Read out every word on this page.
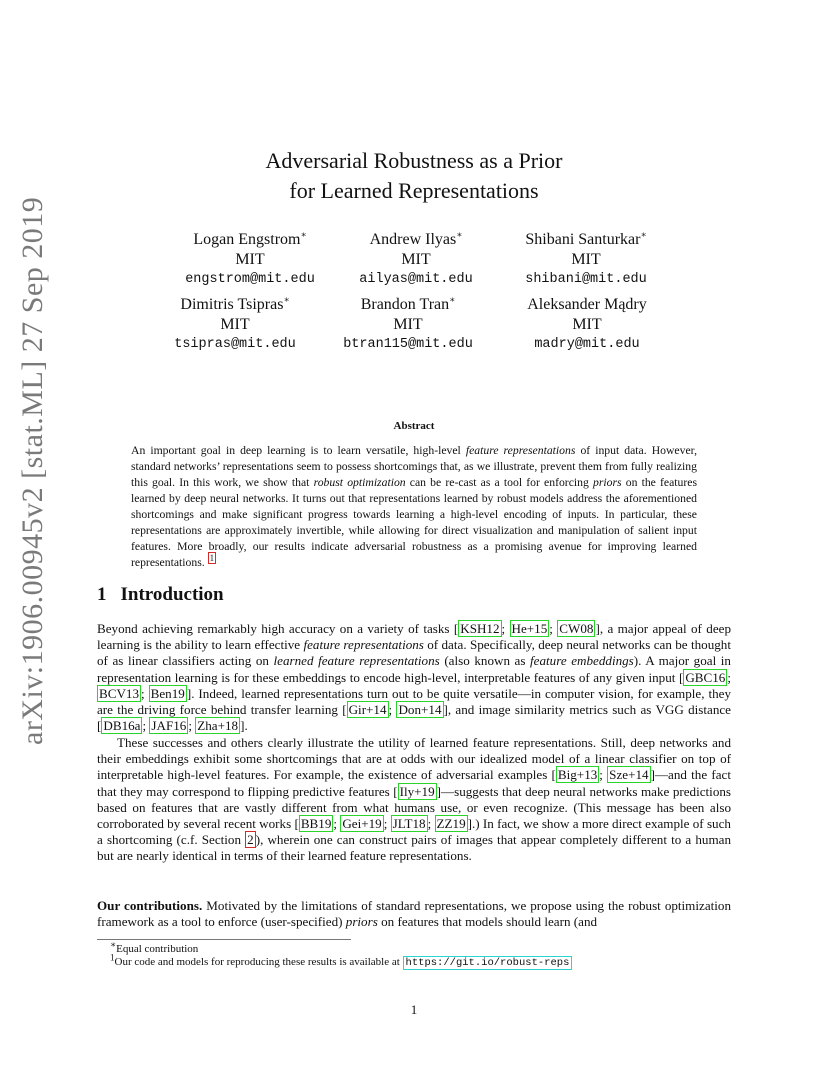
arXiv:1906.00945v2 [stat.ML] 27 Sep 2019
Adversarial Robustness as a Prior
for Learned Representations
Logan Engstrom∗
MIT
engstrom@mit.edu
Andrew Ilyas∗
MIT
ailyas@mit.edu
Shibani Santurkar∗
MIT
shibani@mit.edu
Dimitris Tsipras∗
MIT
tsipras@mit.edu
Brandon Tran∗
MIT
btran115@mit.edu
Aleksander Mądry
MIT
madry@mit.edu
Abstract
An important goal in deep learning is to learn versatile, high-level feature representations of input data. However, standard networks’ representations seem to possess shortcomings that, as we illustrate, prevent them from fully realizing this goal. In this work, we show that robust optimization can be re-cast as a tool for enforcing priors on the features learned by deep neural networks. It turns out that representations learned by robust models address the aforementioned shortcomings and make significant progress towards learning a high-level encoding of inputs. In particular, these representations are approximately invertible, while allowing for direct visualization and manipulation of salient input features. More broadly, our results indicate adversarial robustness as a promising avenue for improving learned representations. $^1$
1 Introduction
Beyond achieving remarkably high accuracy on a variety of tasks [ KSH12 ; He+15 ; CW08 ], a major appeal of deep learning is the ability to learn effective feature representations of data. Specifically, deep neural networks can be thought of as linear classifiers acting on learned feature representations (also known as feature embeddings). A major goal in representation learning is for these embeddings to encode high-level, interpretable features of any given input [ GBC16 ; BCV13 ; Ben19 ]. Indeed, learned representations turn out to be quite versatile—in computer vision, for example, they are the driving force behind transfer learning [ Gir+14 ; Don+14 ], and image similarity metrics such as VGG distance [ DB16a ; JAF16 ; Zha+18 ].
These successes and others clearly illustrate the utility of learned feature representations. Still, deep networks and their embeddings exhibit some shortcomings that are at odds with our idealized model of a linear classifier on top of interpretable high-level features. For example, the existence of adversarial examples [ Big+13 ; Sze+14 ]—and the fact that they may correspond to flipping predictive features [ Ily+19 ]—suggests that deep neural networks make predictions based on features that are vastly different from what humans use, or even recognize. (This message has been also corroborated by several recent works [ BB19 ; Gei+19 ; JLT18 ; ZZ19 ].) In fact, we show a more direct example of such a shortcoming (c.f. Section 2 ), wherein one can construct pairs of images that appear completely different to a human but are nearly identical in terms of their learned feature representations.
Our contributions. Motivated by the limitations of standard representations, we propose using the robust optimization framework as a tool to enforce (user-specified) priors on features that models should learn (and
∗Equal contribution
$^1$Our code and models for reproducing these results is available at https://git.io/robust-reps
1
